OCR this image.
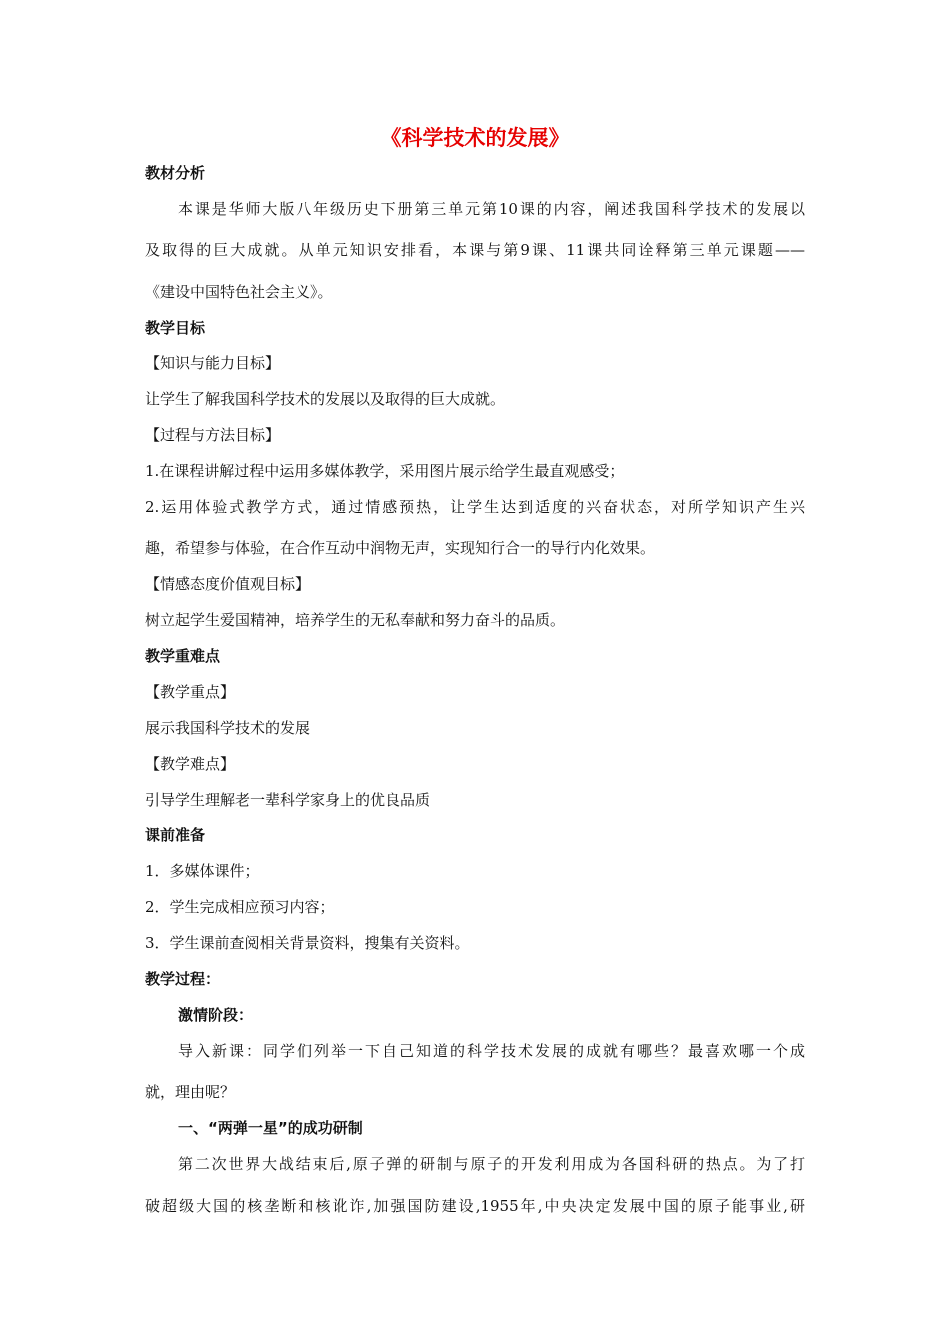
《科学技术的发展》
教材分析
本课是华师大版八年级历史下册第三单元第10课的内容，阐述我国科学技术的发展以
及取得的巨大成就。从单元知识安排看，本课与第9课、11课共同诠释第三单元课题——
《建设中国特色社会主义》。
教学目标
【知识与能力目标】
让学生了解我国科学技术的发展以及取得的巨大成就。
【过程与方法目标】
1.在课程讲解过程中运用多媒体教学，采用图片展示给学生最直观感受；
2.运用体验式教学方式，通过情感预热，让学生达到适度的兴奋状态，对所学知识产生兴
趣，希望参与体验，在合作互动中润物无声，实现知行合一的导行内化效果。
【情感态度价值观目标】
树立起学生爱国精神，培养学生的无私奉献和努力奋斗的品质。
教学重难点
【教学重点】
展示我国科学技术的发展
【教学难点】
引导学生理解老一辈科学家身上的优良品质
课前准备
1．多媒体课件；
2．学生完成相应预习内容；
3．学生课前查阅相关背景资料，搜集有关资料。
教学过程：
激情阶段：
导入新课：同学们列举一下自己知道的科学技术发展的成就有哪些？最喜欢哪一个成
就，理由呢？
一、“两弹一星”的成功研制
第二次世界大战结束后,原子弹的研制与原子的开发利用成为各国科研的热点。为了打
破超级大国的核垄断和核讹诈,加强国防建设,1955年,中央决定发展中国的原子能事业,研
